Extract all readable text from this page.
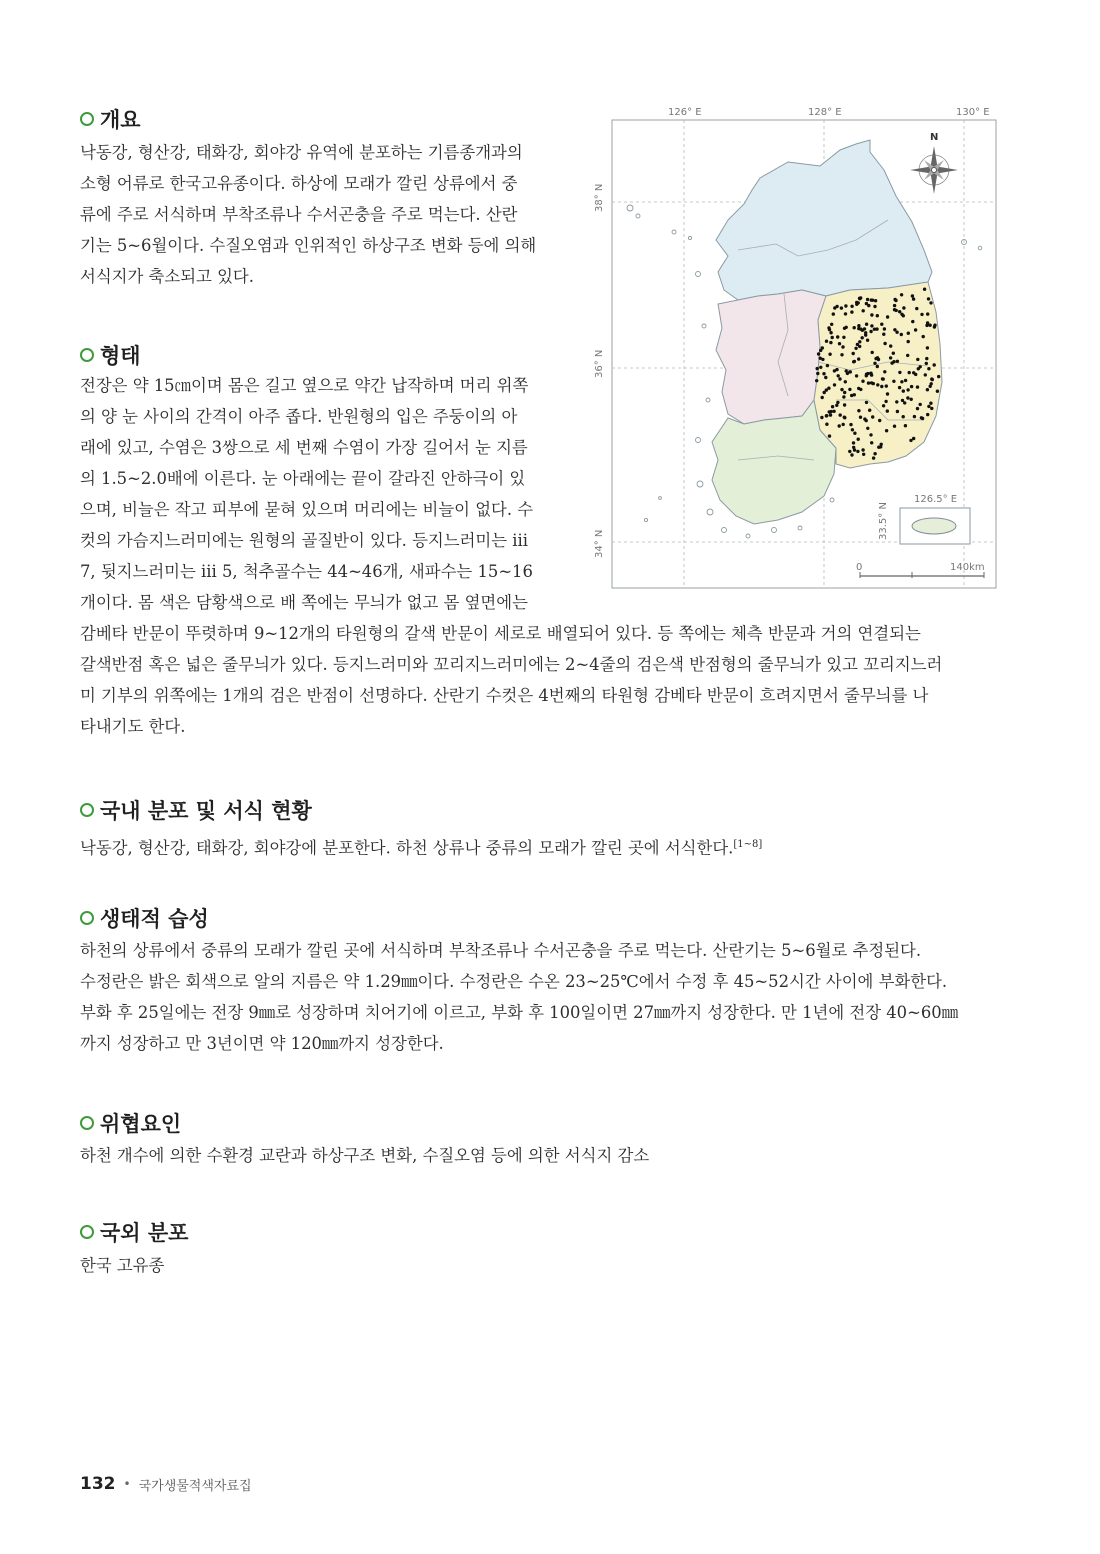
개요

낙동강, 형산강, 태화강, 회야강 유역에 분포하는 기름종개과의

소형 어류로 한국고유종이다. 하상에 모래가 깔린 상류에서 중

류에 주로 서식하며 부착조류나 수서곤충을 주로 먹는다. 산란

기는 5~6월이다. 수질오염과 인위적인 하상구조 변화 등에 의해

서식지가 축소되고 있다.

형태

전장은 약 15㎝이며 몸은 길고 옆으로 약간 납작하며 머리 위쪽

의 양 눈 사이의 간격이 아주 좁다. 반원형의 입은 주둥이의 아

래에 있고, 수염은 3쌍으로 세 번째 수염이 가장 길어서 눈 지름

의 1.5~2.0배에 이른다. 눈 아래에는 끝이 갈라진 안하극이 있

으며, 비늘은 작고 피부에 묻혀 있으며 머리에는 비늘이 없다. 수

컷의 가슴지느러미에는 원형의 골질반이 있다. 등지느러미는 iii

7, 뒷지느러미는 iii 5, 척추골수는 44~46개, 새파수는 15~16

개이다. 몸 색은 담황색으로 배 쪽에는 무늬가 없고 몸 옆면에는

감베타 반문이 뚜렷하며 9~12개의 타원형의 갈색 반문이 세로로 배열되어 있다. 등 쪽에는 체측 반문과 거의 연결되는

갈색반점 혹은 넓은 줄무늬가 있다. 등지느러미와 꼬리지느러미에는 2~4줄의 검은색 반점형의 줄무늬가 있고 꼬리지느러

미 기부의 위쪽에는 1개의 검은 반점이 선명하다. 산란기 수컷은 4번째의 타원형 감베타 반문이 흐려지면서 줄무늬를 나

타내기도 한다.

국내 분포 및 서식 현황

낙동강, 형산강, 태화강, 회야강에 분포한다. 하천 상류나 중류의 모래가 깔린 곳에 서식한다.[1~8]

생태적 습성

하천의 상류에서 중류의 모래가 깔린 곳에 서식하며 부착조류나 수서곤충을 주로 먹는다. 산란기는 5~6월로 추정된다.

수정란은 밝은 회색으로 알의 지름은 약 1.29㎜이다. 수정란은 수온 23~25℃에서 수정 후 45~52시간 사이에 부화한다.

부화 후 25일에는 전장 9㎜로 성장하며 치어기에 이르고, 부화 후 100일이면 27㎜까지 성장한다. 만 1년에 전장 40~60㎜

까지 성장하고 만 3년이면 약 120㎜까지 성장한다.

위협요인

하천 개수에 의한 수환경 교란과 하상구조 변화, 수질오염 등에 의한 서식지 감소

국외 분포

한국 고유종

126° E	128° E	130° E
38° N
36° N
34° N
N
126.5° E
33.5° N
0	140km
132 • 국가생물적색자료집
